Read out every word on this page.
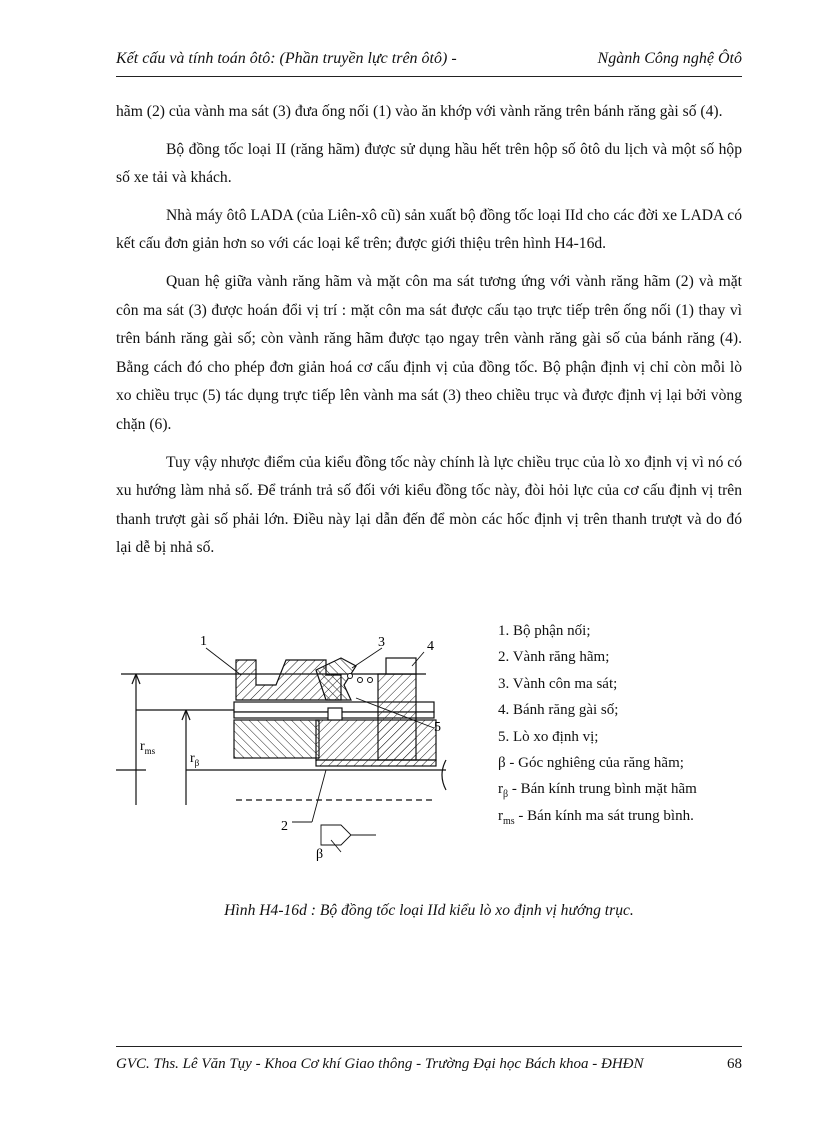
Kết cấu và tính toán ôtô: (Phần truyền lực trên ôtô) -	Ngành Công nghệ Ôtô

hãm (2) của vành ma sát (3) đưa ống nối (1) vào ăn khớp với vành răng trên bánh răng gài số (4).

Bộ đồng tốc loại II (răng hãm) được sử dụng hầu hết trên hộp số ôtô du lịch và một số hộp số xe tải và khách.

Nhà máy ôtô LADA (của Liên-xô cũ) sản xuất bộ đồng tốc loại IId cho các đời xe LADA có kết cấu đơn giản hơn so với các loại kể trên; được giới thiệu trên hình H4-16d.

Quan hệ giữa vành răng hãm và mặt côn ma sát tương ứng với vành răng hãm (2) và mặt côn ma sát (3) được hoán đổi vị trí : mặt côn ma sát được cấu tạo trực tiếp trên ống nối (1) thay vì trên bánh răng gài số; còn vành răng hãm được tạo ngay trên vành răng gài số của bánh răng (4). Bằng cách đó cho phép đơn giản hoá cơ cấu định vị của đồng tốc. Bộ phận định vị chỉ còn mỗi lò xo chiều trục (5) tác dụng trực tiếp lên vành ma sát (3) theo chiều trục và được định vị lại bởi vòng chặn (6).

Tuy vậy nhược điểm của kiểu đồng tốc này chính là lực chiều trục của lò xo định vị vì nó có xu hướng làm nhả số. Để tránh trả số đối với kiểu đồng tốc này, đòi hỏi lực của cơ cấu định vị trên thanh trượt gài số phải lớn. Điều này lại dẫn đến để mòn các hốc định vị trên thanh trượt và do đó lại dễ bị nhả số.

1	3	4
5
2
β
$r_{ms}$ $r_\beta$
1. Bộ phận nối;
2. Vành răng hãm;
3. Vành côn ma sát;
4. Bánh răng gài số;
5. Lò xo định vị;
β - Góc nghiêng của răng hãm;
$r_\beta$ - Bán kính trung bình mặt hãm
$r_{ms}$ - Bán kính ma sát trung bình.
Hình H4-16d : Bộ đồng tốc loại IId kiểu lò xo định vị hướng trục.
GVC. Ths. Lê Văn Tụy - Khoa Cơ khí Giao thông - Trường Đại học Bách khoa - ĐHĐN	68
